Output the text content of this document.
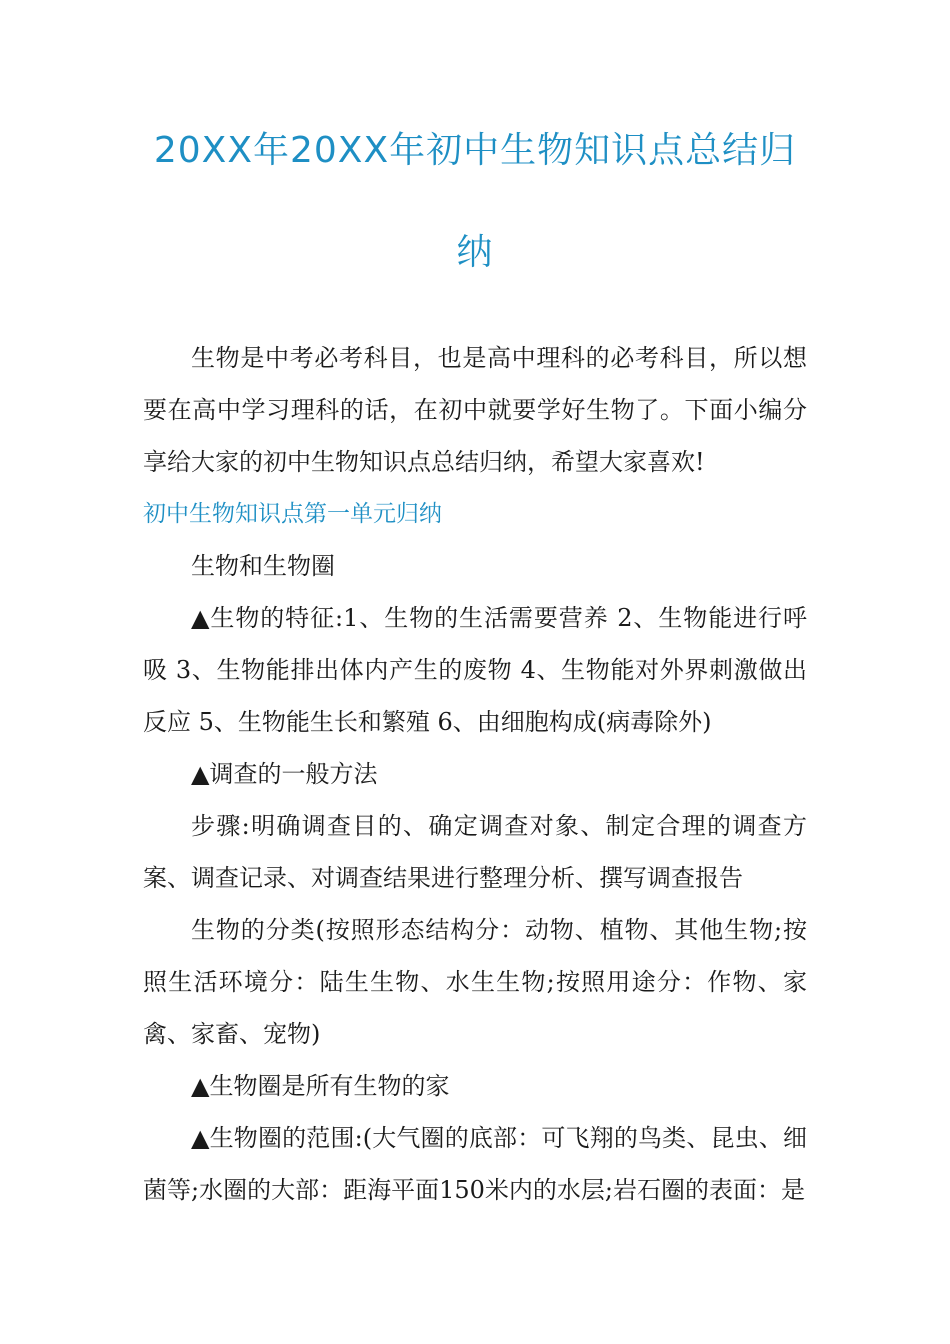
20XX年20XX年初中生物知识点总结归
纳

生物是中考必考科目，也是高中理科的必考科目，所以想要在高中学习理科的话，在初中就要学好生物了。下面小编分享给大家的初中生物知识点总结归纳，希望大家喜欢!

初中生物知识点第一单元归纳

生物和生物圈

▲生物的特征:1、生物的生活需要营养 2、生物能进行呼吸 3、生物能排出体内产生的废物 4、生物能对外界刺激做出反应 5、生物能生长和繁殖 6、由细胞构成(病毒除外)

▲调查的一般方法

步骤:明确调查目的、确定调查对象、制定合理的调查方案、调查记录、对调查结果进行整理分析、撰写调查报告

生物的分类(按照形态结构分：动物、植物、其他生物;按照生活环境分：陆生生物、水生生物;按照用途分：作物、家禽、家畜、宠物)

▲生物圈是所有生物的家

▲生物圈的范围:(大气圈的底部：可飞翔的鸟类、昆虫、细菌等;水圈的大部：距海平面150米内的水层;岩石圈的表面：是
